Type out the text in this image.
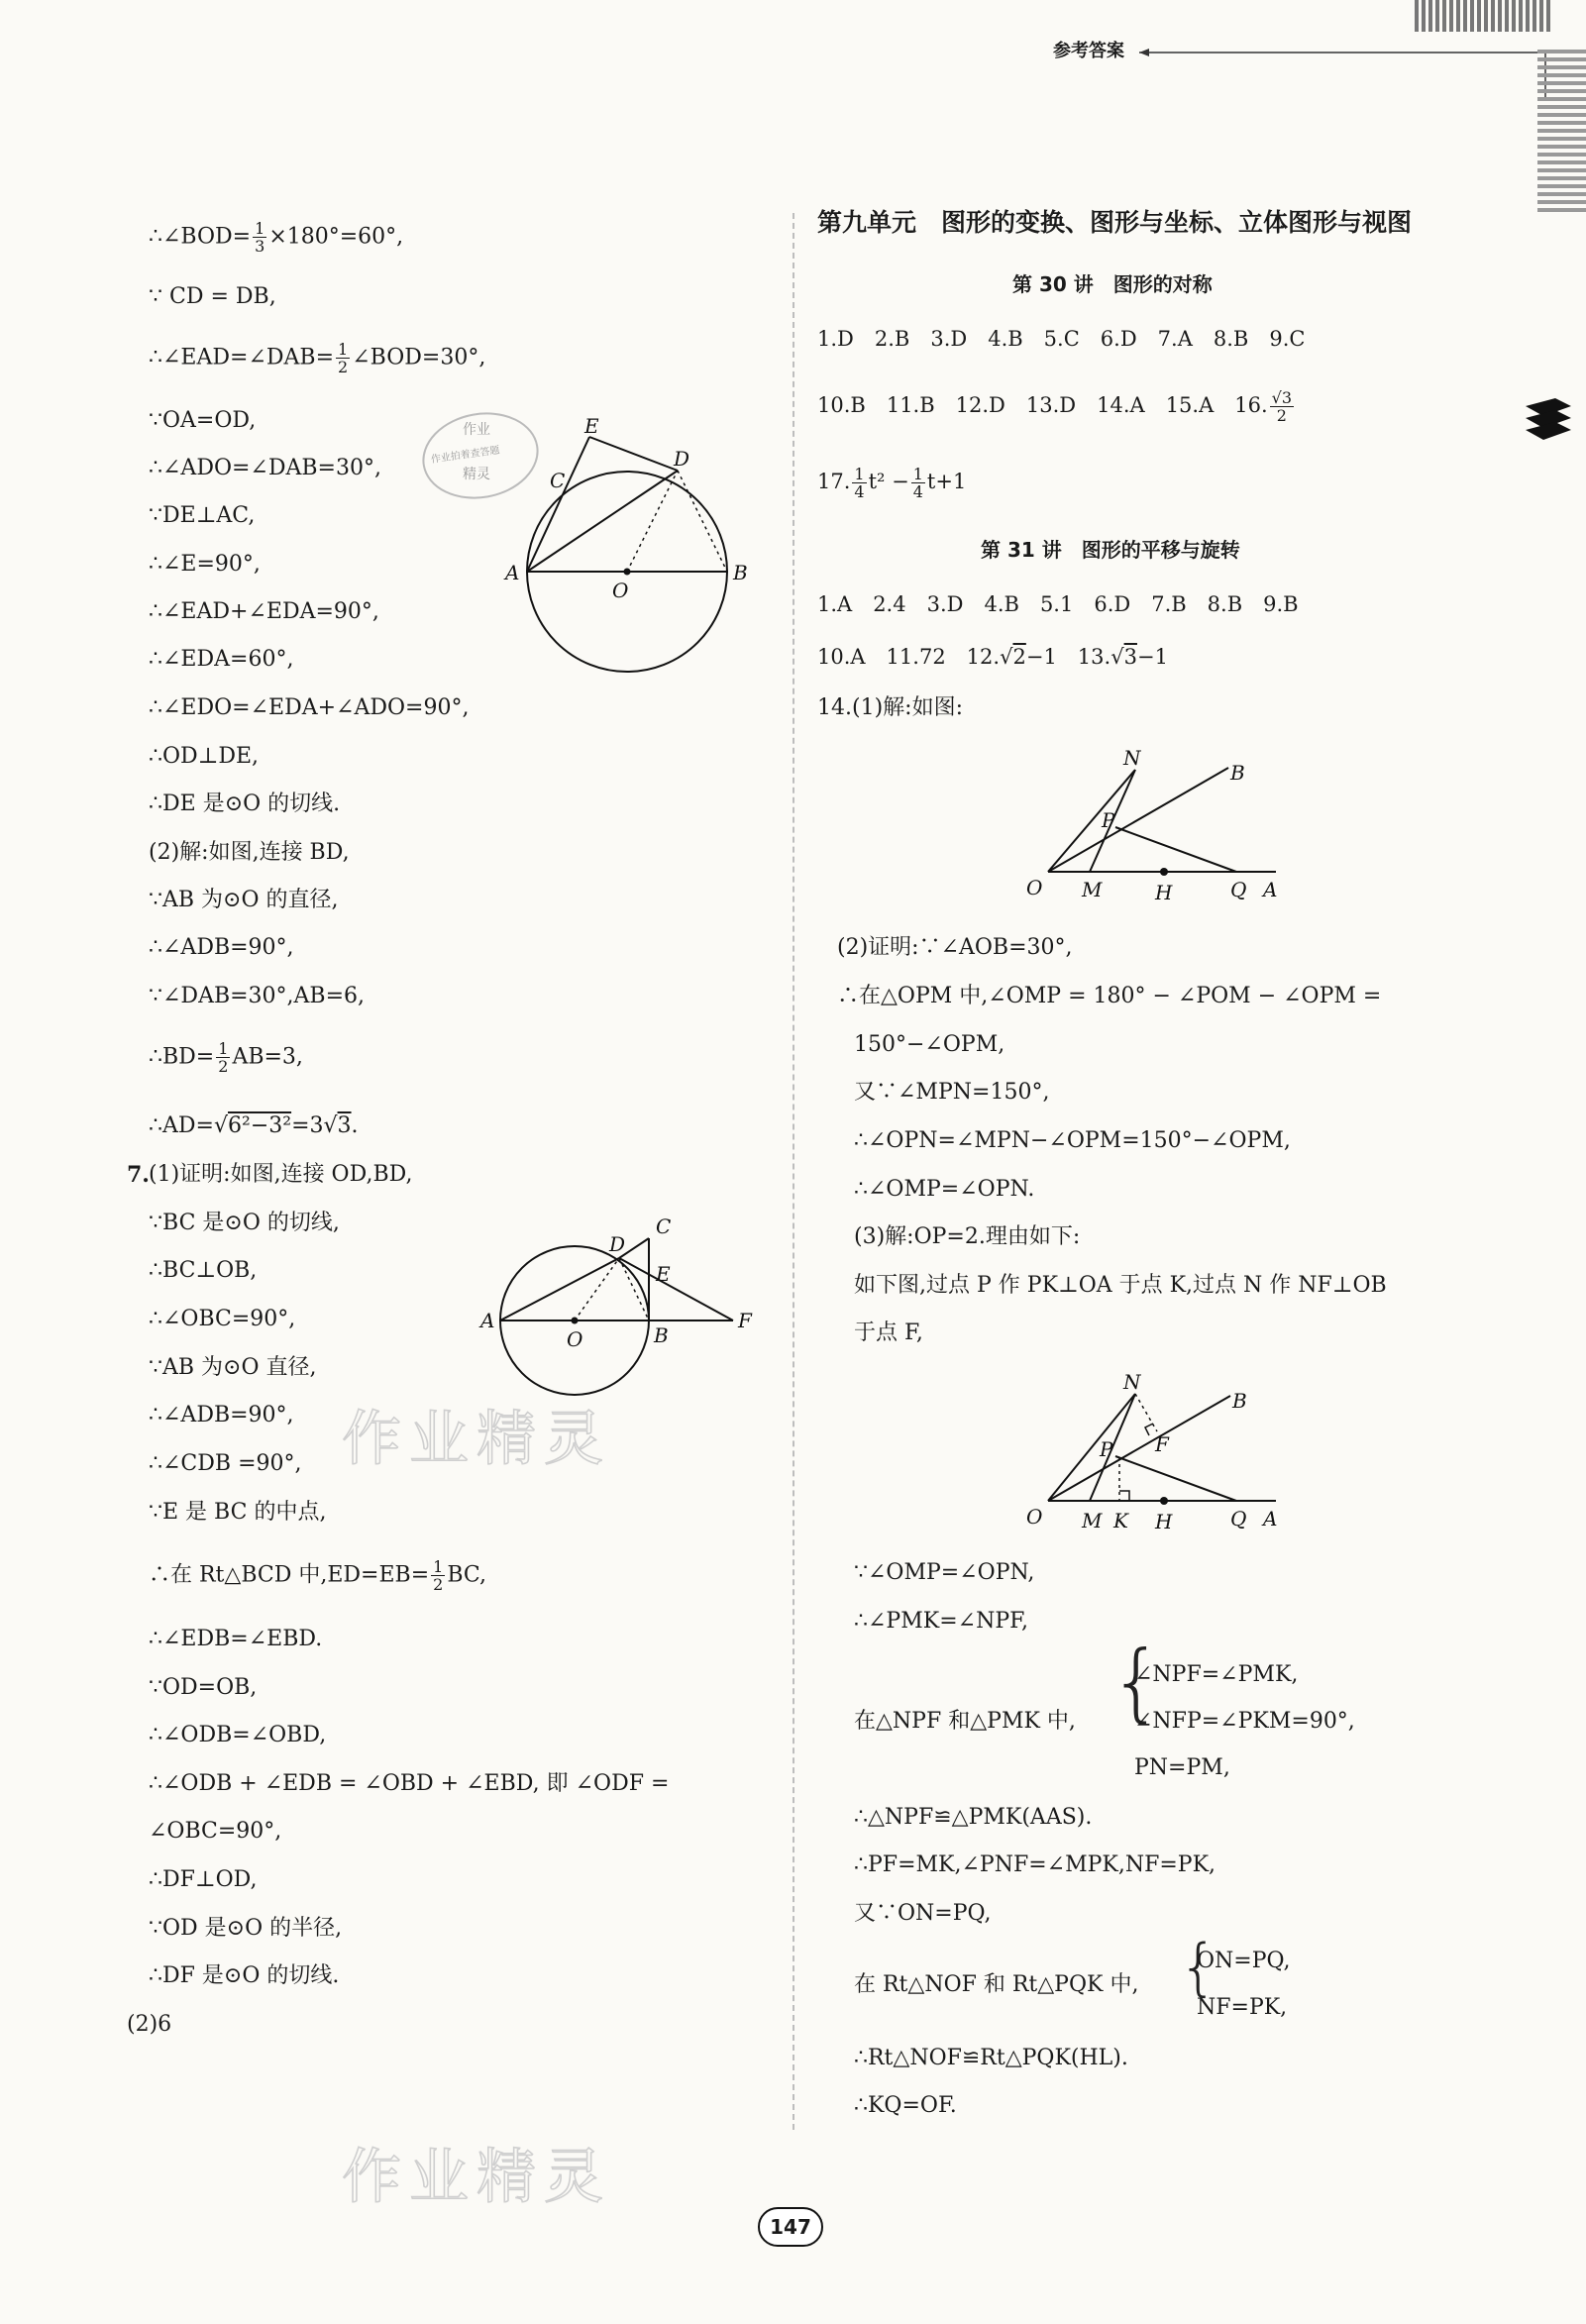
参考答案
∴∠BOD= $\frac{1}{3} \times 180^\circ=60^\circ$,
∵ CD = DB,
∴∠EAD=∠DAB= $\frac{1}{2}$ ∠BOD=30°,
∵OA=OD,
∴∠ADO=∠DAB=30°,
∵DE⊥AC,
∴∠E=90°,
∴∠EAD+∠EDA=90°,
∴∠EDA=60°,
∴∠EDO=∠EDA+∠ADO=90°,
∴OD⊥DE,
∴DE 是⊙O 的切线.
(2)解:如图,连接 BD,
∵AB 为⊙O 的直径,
∴∠ADB=90°,
∵∠DAB=30°,AB=6,
∴BD= $\frac{1}{2} AB=3$,
∴AD=√6²−3²=3√3.
7. (1)证明:如图,连接 OD,BD,
∵BC 是⊙O 的切线,
∴BC⊥OB,
∴∠OBC=90°,
∵AB 为⊙O 直径,
∴∠ADB=90°,
∴∠CDB =90°,
∵E 是 BC 的中点,
∴在 Rt△BCD 中$,ED=EB= \frac{1}{2}$ BC,
∴∠EDB=∠EBD.
∵OD=OB,
∴∠ODB=∠OBD,
∴∠ODB + ∠EDB = ∠OBD + ∠EBD, 即 ∠ODF =
∠OBC=90°,
∴DF⊥OD,
∵OD 是⊙O 的半径,
∴DF 是⊙O 的切线.
(2)6
E
C
D
A
O
B
作业
作业拍着查答题
精灵
D
C
E
A
O	B
F
作业精灵
作业精灵
第九单元　图形的变换、图形与坐标、立体图形与视图
第 30 讲　图形的对称
1.D　2.B　3.D　4.B　5.C　6.D　7.A　8.B　9.C
10.B　11.B　12.D　13.D　14.A　15.A　16. $\frac{√3}{2}$
17. $\frac{1}{4} t^2 - \frac{1}{4} t+1$
第 31 讲　图形的平移与旋转
1.A　2.4　3.D　4.B　5.1　6.D　7.B　8.B　9.B
10.A　11.72　12.√2−1　13.√3−1
14.(1)解:如图:
N
B
P
O M	H	Q A
(2)证明:∵∠AOB=30°,
∴在△OPM 中,∠OMP = 180° − ∠POM − ∠OPM =
150°−∠OPM,
又∵∠MPN=150°,
∴∠OPN=∠MPN−∠OPM=150°−∠OPM,
∴∠OMP=∠OPN.
(3)解:OP=2.理由如下:
如下图,过点 P 作 PK⊥OA 于点 K,过点 N 作 NF⊥OB
于点 F,
N
B
P F
O M K H	Q A
∵∠OMP=∠OPN,
∴∠PMK=∠NPF,
在△NPF 和△PMK 中, {
∠NPF=∠PMK,
∠NFP=∠PKM=90°,
PN=PM,
∴△NPF≌△PMK(AAS).
∴PF=MK,∠PNF=∠MPK,NF=PK,
又∵ON=PQ,
在 Rt△NOF 和 Rt△PQK 中, {
ON=PQ,
NF=PK,
∴Rt△NOF≌Rt△PQK(HL).
∴KQ=OF.
147
